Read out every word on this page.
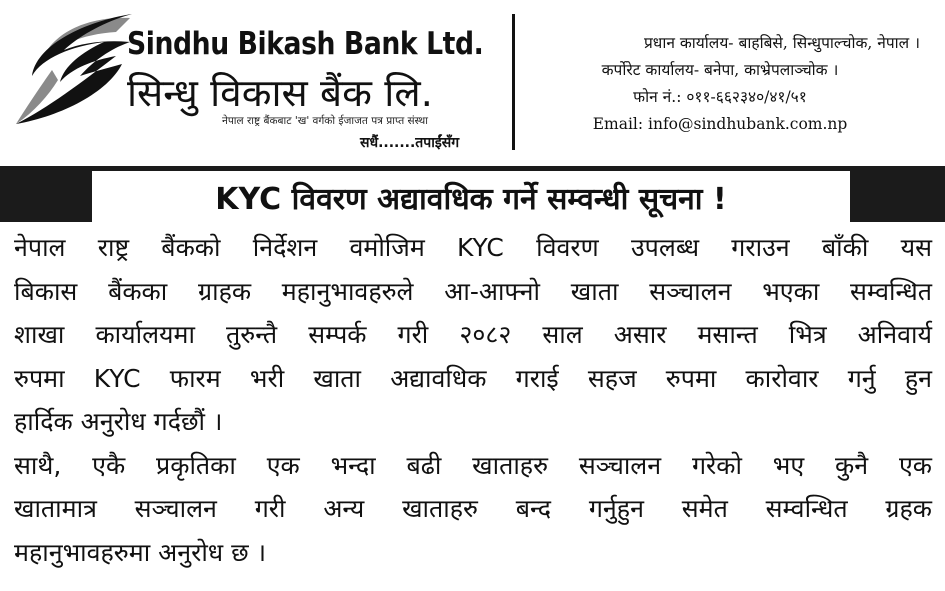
Sindhu Bikash Bank Ltd.
सिन्धु विकास बैंक लि.
नेपाल राष्ट्र बैंकबाट 'ख' वर्गको ईजाजत पत्र प्राप्त संस्था
सधैं.......तपाईंसँग
प्रधान कार्यालय- बाहबिसे, सिन्धुपाल्चोक, नेपाल ।
कर्पोरेट कार्यालय- बनेपा, काभ्रेपलाञ्चोक ।
फोन नं.: ०११-६६२३४०/४१/५१
Email: info@sindhubank.com.np
KYC विवरण अद्यावधिक गर्ने सम्वन्धी सूचना !
नेपाल राष्ट्र बैंकको निर्देशन वमोजिम KYC विवरण उपलब्ध गराउन बाँकी यस
बिकास बैंकका ग्राहक महानुभावहरुले आ-आफ्नो खाता सञ्चालन भएका सम्वन्धित
शाखा कार्यालयमा तुरुन्तै सम्पर्क गरी २०८२ साल असार मसान्त भित्र अनिवार्य
रुपमा KYC फारम भरी खाता अद्यावधिक गराई सहज रुपमा कारोवार गर्नु हुन
हार्दिक अनुरोध गर्दछौं ।
साथै, एकै प्रकृतिका एक भन्दा बढी खाताहरु सञ्चालन गरेको भए कुनै एक
खातामात्र सञ्चालन गरी अन्य खाताहरु बन्द गर्नुहुन समेत सम्वन्धित ग्रहक
महानुभावहरुमा अनुरोध छ ।
